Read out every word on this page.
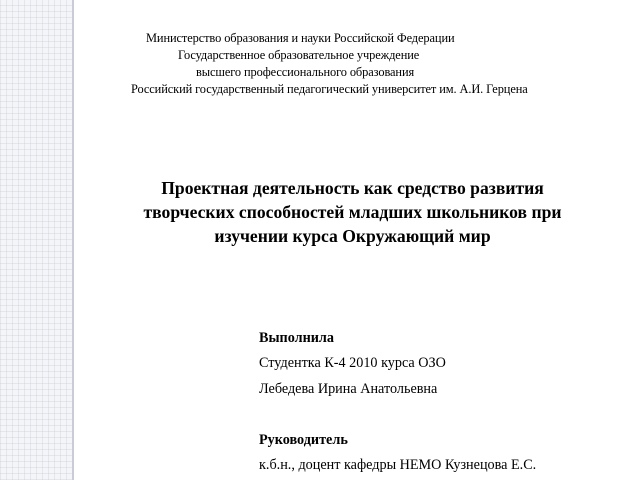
Министерство образования и науки Российской Федерации
Государственное образовательное учреждение
высшего профессионального образования
Российский государственный педагогический университет им. А.И. Герцена
Проектная деятельность как средство развития
творческих способностей младших школьников при
изучении курса Окружающий мир
Выполнила
Студентка К-4 2010 курса ОЗО
Лебедева Ирина Анатольевна
Руководитель
к.б.н., доцент кафедры НЕМО Кузнецова Е.С.
